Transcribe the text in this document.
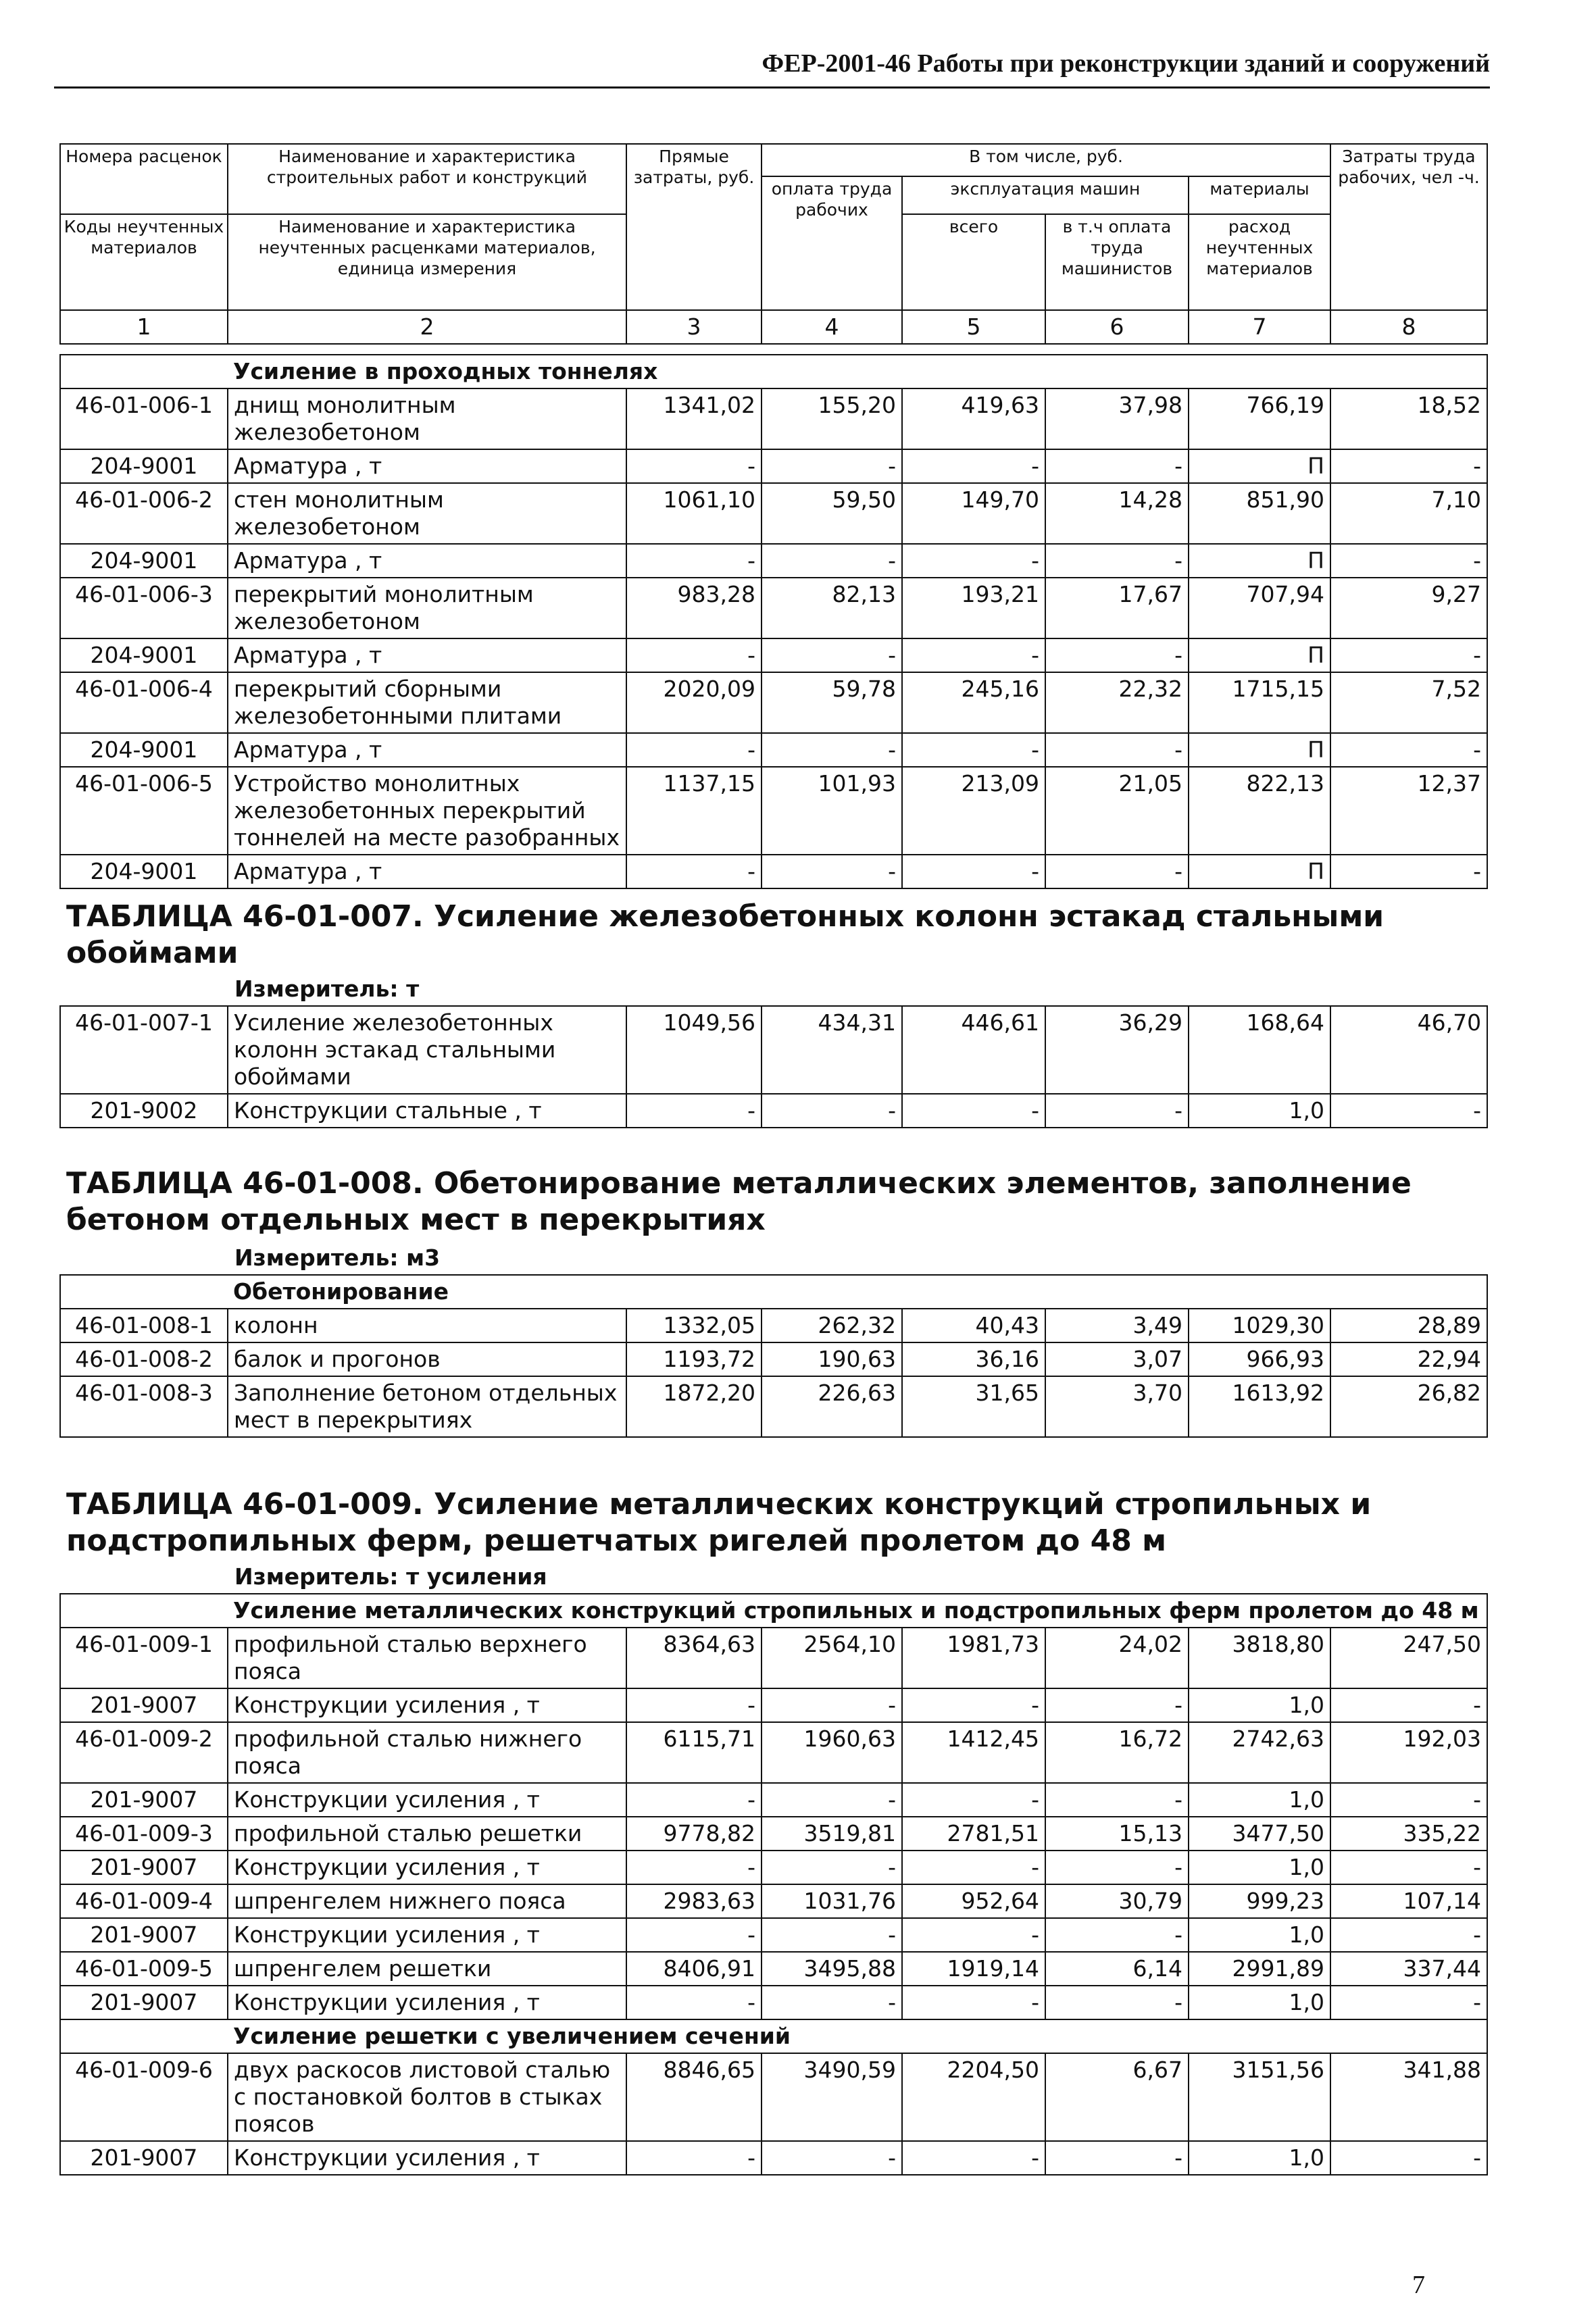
ФЕР-2001-46 Работы при реконструкции зданий и сооружений
Номера расценок	Наименование и характеристика строительных работ и конструкций	Прямые затраты, руб.	В том числе, руб.				Затраты труда рабочих, чел -ч.
			оплата труда рабочих	эксплуатация машин		материалы	
Коды неучтенных материалов	Наименование и характеристика неучтенных расценками материалов, единица измерения			всего	в т.ч оплата труда машинистов	расход неучтенных материалов	

1	2	3	4	5	6	7	8

	Усиление в проходных тоннелях						
46-01-006-1	днищ монолитным железобетоном	1341,02	155,20	419,63	37,98	766,19	18,52
204-9001	Арматура , т	-	-	-	-	П	-
46-01-006-2	стен монолитным железобетоном	1061,10	59,50	149,70	14,28	851,90	7,10
204-9001	Арматура , т	-	-	-	-	П	-
46-01-006-3	перекрытий монолитным железобетоном	983,28	82,13	193,21	17,67	707,94	9,27
204-9001	Арматура , т	-	-	-	-	П	-
46-01-006-4	перекрытий сборными железобетонными плитами	2020,09	59,78	245,16	22,32	1715,15	7,52
204-9001	Арматура , т	-	-	-	-	П	-
46-01-006-5	Устройство монолитных железобетонных перекрытий тоннелей на месте разобранных	1137,15	101,93	213,09	21,05	822,13	12,37
204-9001	Арматура , т	-	-	-	-	П	-
ТАБЛИЦА 46-01-007. Усиление железобетонных колонн эстакад стальными обоймами
	Измеритель: т						
46-01-007-1	Усиление железобетонных колонн эстакад стальными обоймами	1049,56	434,31	446,61	36,29	168,64	46,70
201-9002	Конструкции стальные , т	-	-	-	-	1,0	-
ТАБЛИЦА 46-01-008. Обетонирование металлических элементов, заполнение бетоном отдельных мест в перекрытиях
	Измеритель: м3						
	Обетонирование						
46-01-008-1	колонн	1332,05	262,32	40,43	3,49	1029,30	28,89
46-01-008-2	балок и прогонов	1193,72	190,63	36,16	3,07	966,93	22,94
46-01-008-3	Заполнение бетоном отдельных мест в перекрытиях	1872,20	226,63	31,65	3,70	1613,92	26,82
ТАБЛИЦА 46-01-009. Усиление металлических конструкций стропильных и подстропильных ферм, решетчатых ригелей пролетом до 48 м
	Измеритель: т усиления						
	Усиление металлических конструкций стропильных и подстропильных ферм пролетом до 48 м						
46-01-009-1	профильной сталью верхнего пояса	8364,63	2564,10	1981,73	24,02	3818,80	247,50
201-9007	Конструкции усиления , т	-	-	-	-	1,0	-
46-01-009-2	профильной сталью нижнего пояса	6115,71	1960,63	1412,45	16,72	2742,63	192,03
201-9007	Конструкции усиления , т	-	-	-	-	1,0	-
46-01-009-3	профильной сталью решетки	9778,82	3519,81	2781,51	15,13	3477,50	335,22
201-9007	Конструкции усиления , т	-	-	-	-	1,0	-
46-01-009-4	шпренгелем нижнего пояса	2983,63	1031,76	952,64	30,79	999,23	107,14
201-9007	Конструкции усиления , т	-	-	-	-	1,0	-
46-01-009-5	шпренгелем решетки	8406,91	3495,88	1919,14	6,14	2991,89	337,44
201-9007	Конструкции усиления , т	-	-	-	-	1,0	-
	Усиление решетки с увеличением сечений						
46-01-009-6	двух раскосов листовой сталью с постановкой болтов в стыках поясов	8846,65	3490,59	2204,50	6,67	3151,56	341,88
201-9007	Конструкции усиления , т	-	-	-	-	1,0	-
7
